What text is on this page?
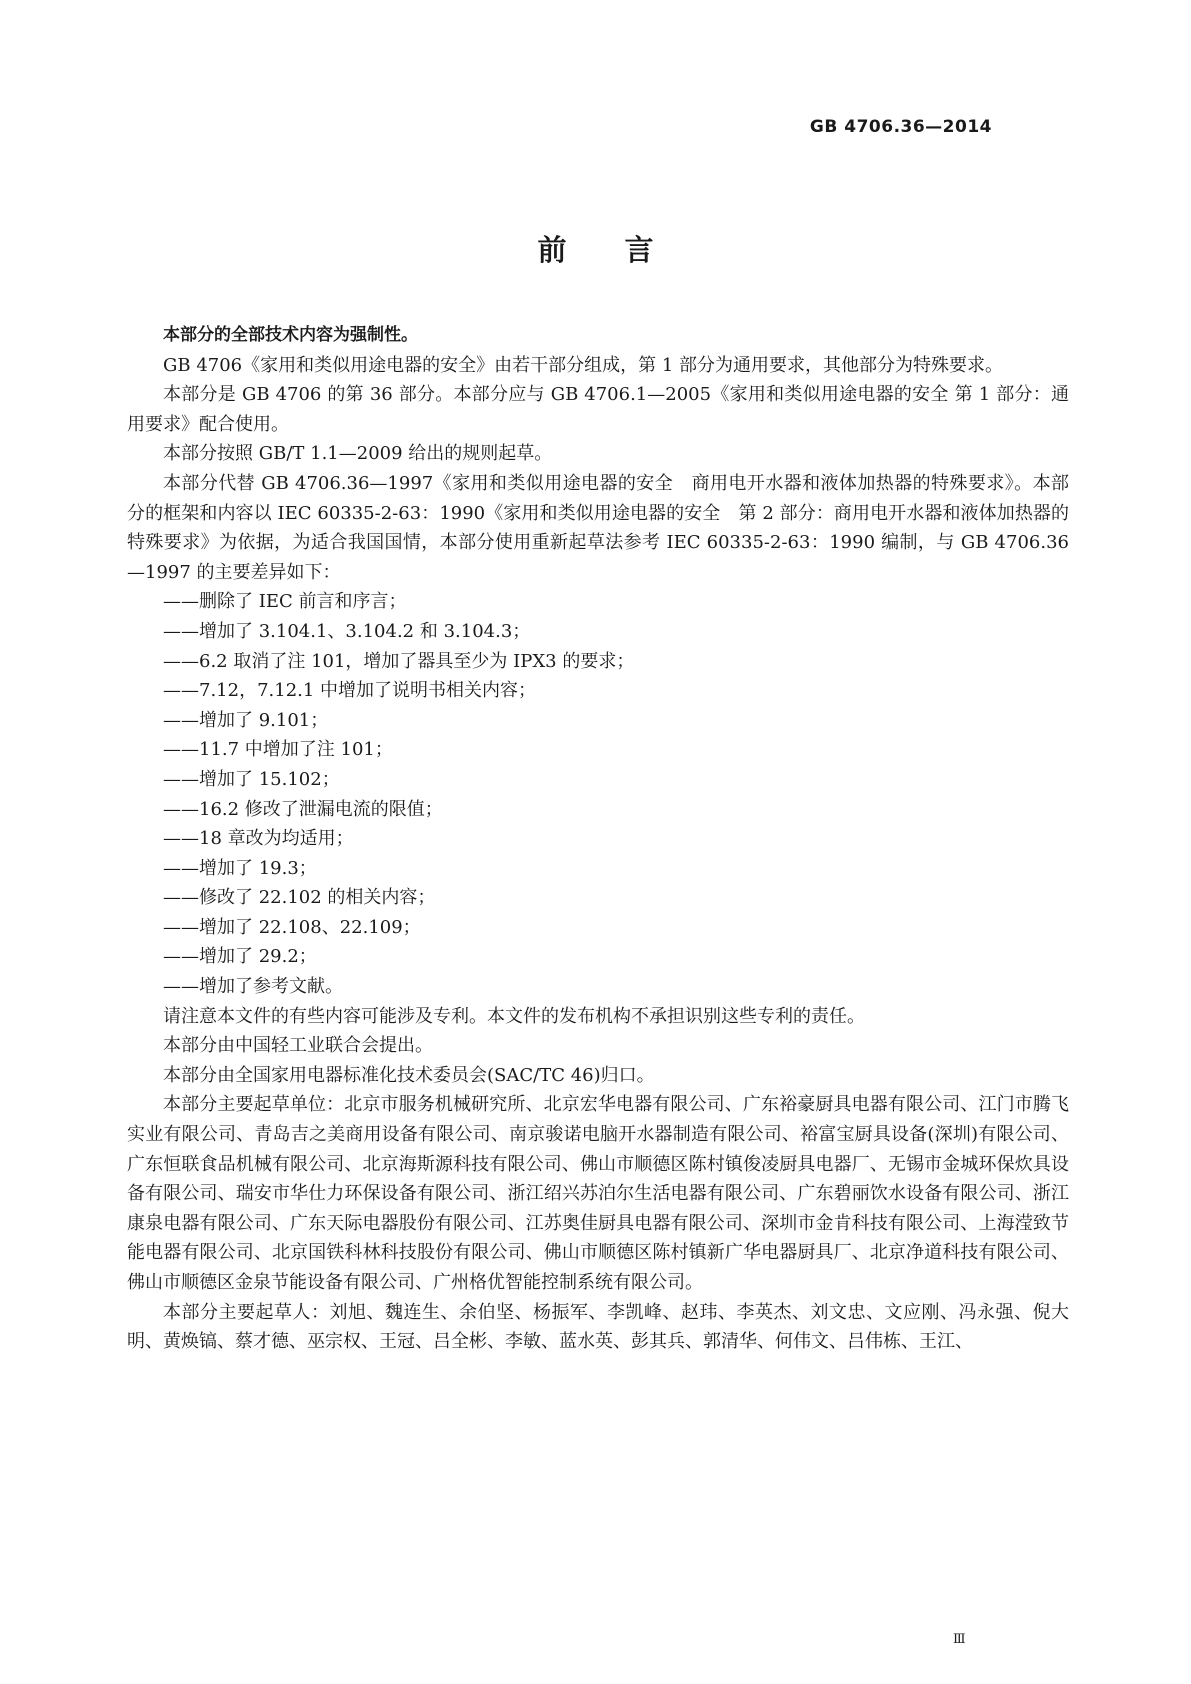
GB 4706.36—2014
前言

本部分的全部技术内容为强制性。

GB 4706《家用和类似用途电器的安全》由若干部分组成，第 1 部分为通用要求，其他部分为特殊要求。

本部分是 GB 4706 的第 36 部分。本部分应与 GB 4706.1—2005《家用和类似用途电器的安全 第 1 部分：通用要求》配合使用。

本部分按照 GB/T 1.1—2009 给出的规则起草。

本部分代替 GB 4706.36—1997《家用和类似用途电器的安全　商用电开水器和液体加热器的特殊要求》。本部分的框架和内容以 IEC 60335-2-63：1990《家用和类似用途电器的安全　第 2 部分：商用电开水器和液体加热器的特殊要求》为依据，为适合我国国情，本部分使用重新起草法参考 IEC 60335-2-63：1990 编制，与 GB 4706.36—1997 的主要差异如下：

——删除了 IEC 前言和序言；
——增加了 3.104.1、3.104.2 和 3.104.3；
——6.2 取消了注 101，增加了器具至少为 IPX3 的要求；
——7.12，7.12.1 中增加了说明书相关内容；
——增加了 9.101；
——11.7 中增加了注 101；
——增加了 15.102；
——16.2 修改了泄漏电流的限值；
——18 章改为均适用；
——增加了 19.3；
——修改了 22.102 的相关内容；
——增加了 22.108、22.109；
——增加了 29.2；
——增加了参考文献。

请注意本文件的有些内容可能涉及专利。本文件的发布机构不承担识别这些专利的责任。

本部分由中国轻工业联合会提出。

本部分由全国家用电器标准化技术委员会(SAC/TC 46)归口。

本部分主要起草单位：北京市服务机械研究所、北京宏华电器有限公司、广东裕豪厨具电器有限公司、江门市腾飞实业有限公司、青岛吉之美商用设备有限公司、南京骏诺电脑开水器制造有限公司、裕富宝厨具设备(深圳)有限公司、广东恒联食品机械有限公司、北京海斯源科技有限公司、佛山市顺德区陈村镇俊凌厨具电器厂、无锡市金城环保炊具设备有限公司、瑞安市华仕力环保设备有限公司、浙江绍兴苏泊尔生活电器有限公司、广东碧丽饮水设备有限公司、浙江康泉电器有限公司、广东天际电器股份有限公司、江苏奥佳厨具电器有限公司、深圳市金肯科技有限公司、上海滢致节能电器有限公司、北京国铁科林科技股份有限公司、佛山市顺德区陈村镇新广华电器厨具厂、北京净道科技有限公司、佛山市顺德区金泉节能设备有限公司、广州格优智能控制系统有限公司。

本部分主要起草人：刘旭、魏连生、余伯坚、杨振军、李凯峰、赵玮、李英杰、刘文忠、文应刚、冯永强、倪大明、黄焕镐、蔡才德、巫宗权、王冠、吕全彬、李敏、蓝水英、彭其兵、郭清华、何伟文、吕伟栋、王江、

Ⅲ
